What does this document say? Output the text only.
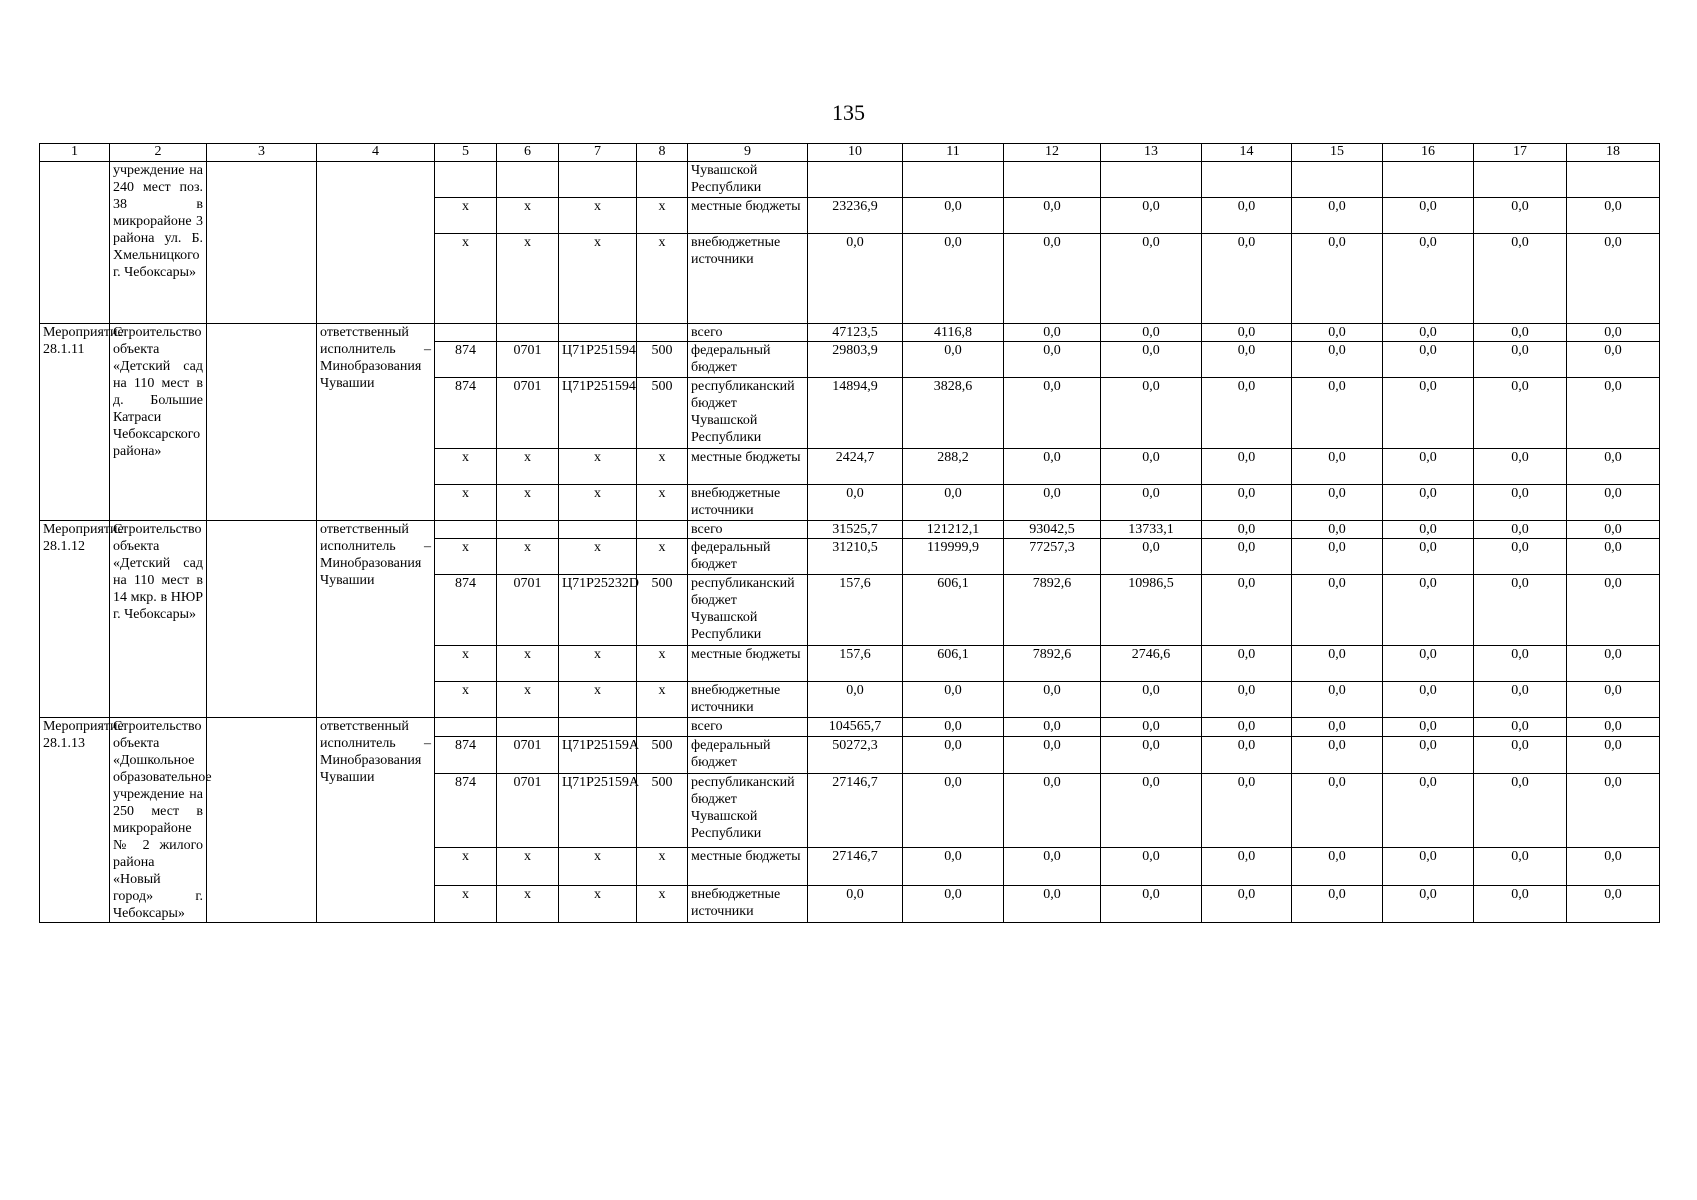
135
1	2	3	4	5	6	7	8	9	10	11	12	13	14	15	16	17	18
	учреждение на 240 мест поз. 38 в микрорайоне 3 района ул. Б. Хмельницкого г. Чебоксары»							Чувашской Республики									
				х	х	х	х	местные бюджеты	23236,9	0,0	0,0	0,0	0,0	0,0	0,0	0,0	0,0
				х	х	х	х	внебюджетные источники	0,0	0,0	0,0	0,0	0,0	0,0	0,0	0,0	0,0
Мероприятие 28.1.11	Строительство объекта «Детский сад на 110 мест в д. Большие Катраси Чебоксарского района»		ответственный исполнитель – Минобразования Чувашии					всего	47123,5	4116,8	0,0	0,0	0,0	0,0	0,0	0,0	0,0
				874	0701	Ц71Р251594	500	федеральный бюджет	29803,9	0,0	0,0	0,0	0,0	0,0	0,0	0,0	0,0
				874	0701	Ц71Р251594	500	республиканский бюджет Чувашской Республики	14894,9	3828,6	0,0	0,0	0,0	0,0	0,0	0,0	0,0
				х	х	х	х	местные бюджеты	2424,7	288,2	0,0	0,0	0,0	0,0	0,0	0,0	0,0
				х	х	х	х	внебюджетные источники	0,0	0,0	0,0	0,0	0,0	0,0	0,0	0,0	0,0
Мероприятие 28.1.12	Строительство объекта «Детский сад на 110 мест в 14 мкр. в НЮР г. Чебоксары»		ответственный исполнитель – Минобразования Чувашии					всего	31525,7	121212,1	93042,5	13733,1	0,0	0,0	0,0	0,0	0,0
				х	х	х	х	федеральный бюджет	31210,5	119999,9	77257,3	0,0	0,0	0,0	0,0	0,0	0,0
				874	0701	Ц71Р25232D	500	республиканский бюджет Чувашской Республики	157,6	606,1	7892,6	10986,5	0,0	0,0	0,0	0,0	0,0
				х	х	х	х	местные бюджеты	157,6	606,1	7892,6	2746,6	0,0	0,0	0,0	0,0	0,0
				х	х	х	х	внебюджетные источники	0,0	0,0	0,0	0,0	0,0	0,0	0,0	0,0	0,0
Мероприятие 28.1.13	Строительство объекта «Дошкольное образовательное учреждение на 250 мест в микрорайоне № 2 жилого района «Новый город» г. Чебоксары»		ответственный исполнитель – Минобразования Чувашии					всего	104565,7	0,0	0,0	0,0	0,0	0,0	0,0	0,0	0,0
				874	0701	Ц71Р25159А	500	федеральный бюджет	50272,3	0,0	0,0	0,0	0,0	0,0	0,0	0,0	0,0
				874	0701	Ц71Р25159А	500	республиканский бюджет Чувашской Республики	27146,7	0,0	0,0	0,0	0,0	0,0	0,0	0,0	0,0
				х	х	х	х	местные бюджеты	27146,7	0,0	0,0	0,0	0,0	0,0	0,0	0,0	0,0
				х	х	х	х	внебюджетные источники	0,0	0,0	0,0	0,0	0,0	0,0	0,0	0,0	0,0
